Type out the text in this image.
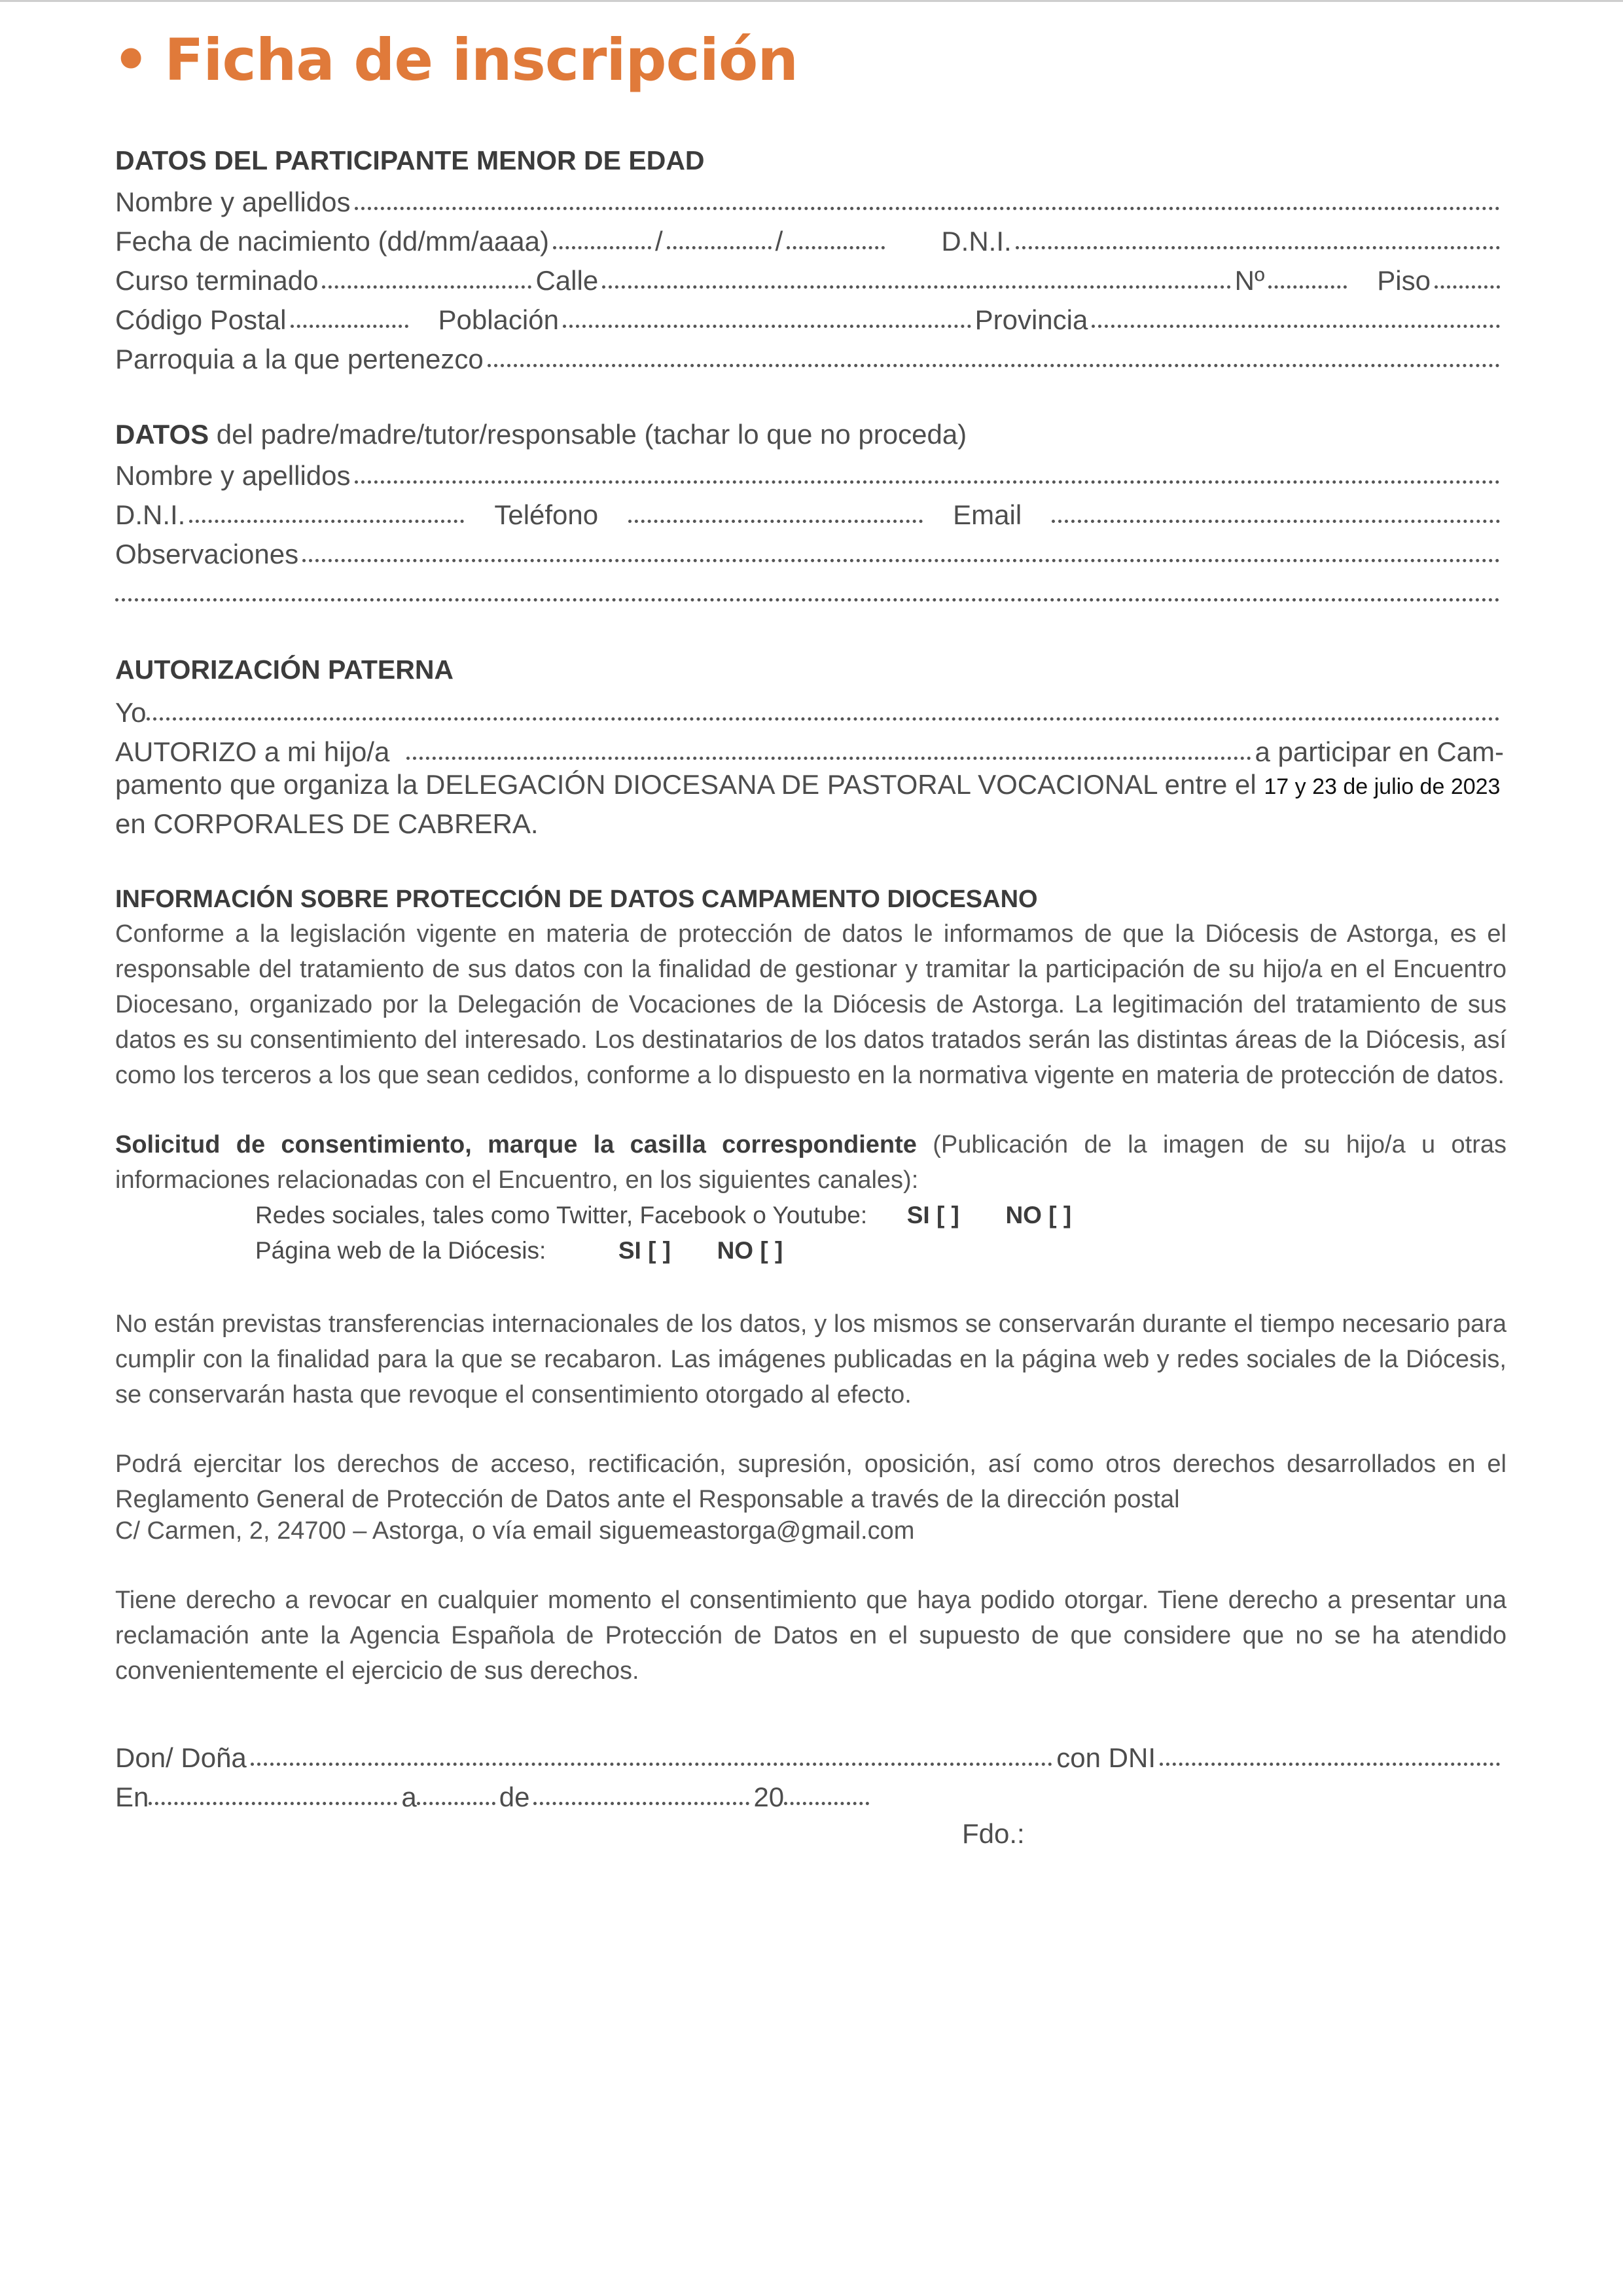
• Ficha de inscripción
DATOS DEL PARTICIPANTE MENOR DE EDAD
Nombre y apellidos
Fecha de nacimiento (dd/mm/aaaa)	/	/	D.N.I.
Curso terminado	Calle	Nº	Piso
Código Postal	Población	Provincia
Parroquia a la que pertenezco
DATOS del padre/madre/tutor/responsable (tachar lo que no proceda)
Nombre y apellidos
D.N.I.	Teléfono	Email
Observaciones
AUTORIZACIÓN PATERNA
Yo
AUTORIZO a mi hijo/a	a participar en Cam-
pamento que organiza la DELEGACIÓN DIOCESANA DE PASTORAL VOCACIONAL entre el 17 y 23 de julio de 2023
en CORPORALES DE CABRERA.
INFORMACIÓN SOBRE PROTECCIÓN DE DATOS CAMPAMENTO DIOCESANO
Conforme a la legislación vigente en materia de protección de datos le informamos de que la Diócesis de Astorga, es el responsable del tratamiento de sus datos con la finalidad de gestionar y tramitar la participación de su hijo/a en el Encuentro Diocesano, organizado por la Delegación de Vocaciones de la Diócesis de Astorga. La legitimación del tratamiento de sus datos es su consentimiento del interesado. Los destinatarios de los datos tratados serán las distintas áreas de la Diócesis, así como los terceros a los que sean cedidos, conforme a lo dispuesto en la normativa vigente en materia de protección de datos.
Solicitud de consentimiento, marque la casilla correspondiente (Publicación de la imagen de su hijo/a u otras informaciones relacionadas con el Encuentro, en los siguientes canales):
Redes sociales, tales como Twitter, Facebook o Youtube: SI [ ] NO [ ]
Página web de la Diócesis:	SI [ ] NO [ ]
No están previstas transferencias internacionales de los datos, y los mismos se conservarán durante el tiempo necesario para cumplir con la finalidad para la que se recabaron. Las imágenes publicadas en la página web y redes sociales de la Diócesis, se conservarán hasta que revoque el consentimiento otorgado al efecto.
Podrá ejercitar los derechos de acceso, rectificación, supresión, oposición, así como otros derechos desarrollados en el Reglamento General de Protección de Datos ante el Responsable a través de la dirección postal
C/ Carmen, 2, 24700 – Astorga, o vía email siguemeastorga@gmail.com
Tiene derecho a revocar en cualquier momento el consentimiento que haya podido otorgar. Tiene derecho a presentar una reclamación ante la Agencia Española de Protección de Datos en el supuesto de que considere que no se ha atendido convenientemente el ejercicio de sus derechos.
Don/ Doña	con DNI
En	a	de	20
Fdo.:
